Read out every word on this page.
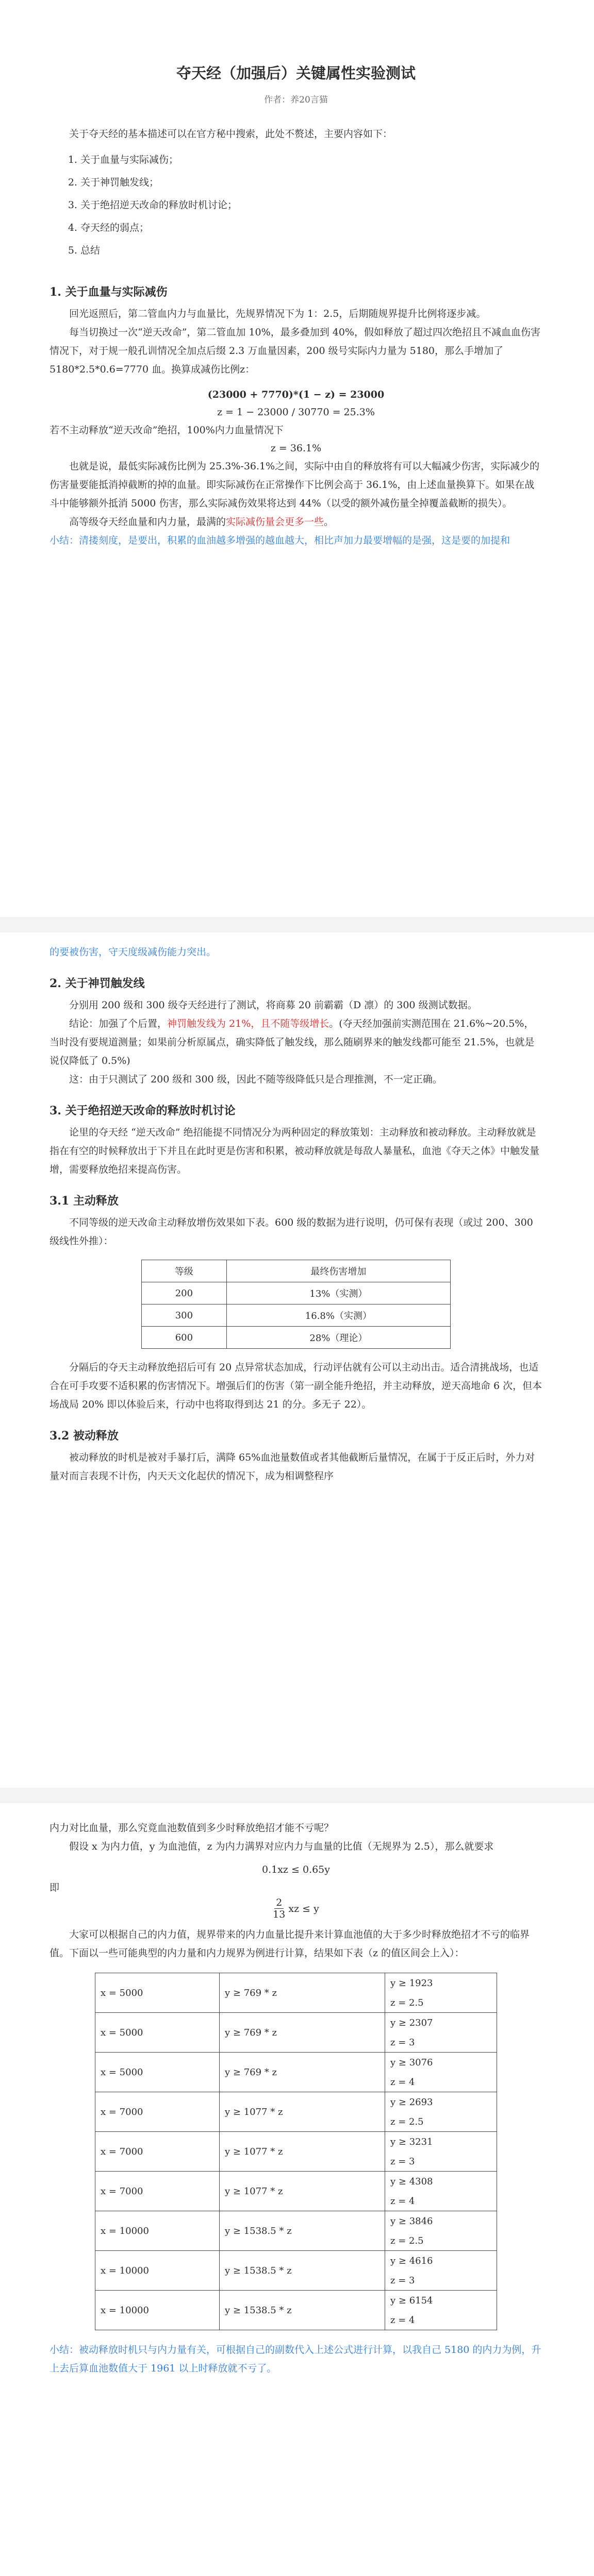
夺天经（加强后）关键属性实验测试
作者：养20言猫

关于夺天经的基本描述可以在官方秘中搜索，此处不赘述，主要内容如下：

1. 关于血量与实际减伤；
2. 关于神罚触发线；
3. 关于绝招逆天改命的释放时机讨论；
4. 夺天经的弱点；
5. 总结
1. 关于血量与实际减伤

回光返照后，第二管血内力与血量比，先规界情况下为 1：2.5，后期随规界提升比例将逐步减。

每当切换过一次“逆天改命”，第二管血加 10%，最多叠加到 40%，假如释放了超过四次绝招且不减血血伤害情况下，对于规一般孔训情况全加点后缀 2.3 万血量因素，200 级号实际内力量为 5180，那么手增加了 5180*2.5*0.6=7770 血。换算成减伤比例z：

(23000 + 7770)*(1 − z) = 23000
z = 1 − 23000 / 30770 = 25.3%

若不主动释放“逆天改命”绝招，100%内力血量情况下

z = 36.1%

也就是说，最低实际减伤比例为 25.3%-36.1%之间，实际中由自的释放将有可以大幅减少伤害，实际减少的伤害量要能抵消掉截断的掉的血量。即实际减伤在正常操作下比例会高于 36.1%，由上述血量换算下。如果在战斗中能够额外抵消 5000 伤害，那么实际减伤效果将达到 44%（以受的额外减伤量全掉覆盖截断的损失）。

高等级夺天经血量和内力量，最满的实际减伤量会更多一些。

小结：清搂刻度，是要出，积累的血油越多增强的越血越大，相比声加力最要增幅的是强，这是要的加提和

的要被伤害，守天度级减伤能力突出。

2. 关于神罚触发线

分别用 200 级和 300 级夺天经进行了测试，将商募 20 前霸霸（D 凛）的 300 级测试数据。

结论：加强了个后置，神罚触发线为 21%，且不随等级增长。(夺天经加强前实测范围在 21.6%~20.5%，当时没有要规道测量；如果前分析原属点，确实降低了触发线，那么随刷界来的触发线都可能至 21.5%，也就是说仅降低了 0.5%)

这：由于只测试了 200 级和 300 级，因此不随等级降低只是合理推测，不一定正确。

3. 关于绝招逆天改命的释放时机讨论

论里的夺天经 “逆天改命” 绝招能提不同情况分为两种固定的释放策划：主动释放和被动释放。主动释放就是指在有空的时候释放出于下并且在此时更是伤害和积累，被动释放就是每敌人暴量私，血池《夺天之体》中触发量增，需要释放绝招来提高伤害。

3.1 主动释放

不同等级的逆天改命主动释放增伤效果如下表。600 级的数据为进行说明，仍可保有表现（或过 200、300 级线性外推）：

等级	最终伤害增加
200	13%（实测）
300	16.8%（实测）
600	28%（理论）

分隔后的夺天主动释放绝招后可有 20 点异常状态加成，行动评估就有公可以主动出击。适合清挑战场，也适合在可手攻要不适积累的伤害情况下。增强后们的伤害（第一副全能升绝招，并主动释放，逆天高地命 6 次，但本场战局 20% 即以体验后来，行动中也将取得到达 21 的分。多无子 22）。

3.2 被动释放

被动释放的时机是被对手暴打后，满降 65%血池量数值或者其他截断后量情况，在属于于反正后时，外力对量对而言表现不计伤，内天天文化起伏的情况下，成为相调整程序

内力对比血量，那么究竟血池数值到多少时释放绝招才能不亏呢？

假设 x 为内力值，y 为血池值，z 为内力满界对应内力与血量的比值（无规界为 2.5），那么就要求

0.1xz ≤ 0.65y

即

$\frac{2}{13}$ xz ≤ y

大家可以根据自己的内力值，规界带来的内力血量比提升来计算血池值的大于多少时释放绝招才不亏的临界值。下面以一些可能典型的内力量和内力规界为例进行计算，结果如下表（z 的值区间会上入）：

x = 5000	y ≥ 769 * z	y ≥ 1923
		z = 2.5
x = 5000	y ≥ 769 * z	y ≥ 2307
		z = 3
x = 5000	y ≥ 769 * z	y ≥ 3076
		z = 4
x = 7000	y ≥ 1077 * z	y ≥ 2693
		z = 2.5
x = 7000	y ≥ 1077 * z	y ≥ 3231
		z = 3
x = 7000	y ≥ 1077 * z	y ≥ 4308
		z = 4
x = 10000	y ≥ 1538.5 * z	y ≥ 3846
		z = 2.5
x = 10000	y ≥ 1538.5 * z	y ≥ 4616
		z = 3
x = 10000	y ≥ 1538.5 * z	y ≥ 6154
		z = 4

小结：被动释放时机只与内力量有关，可根据自己的副数代入上述公式进行计算，以我自己 5180 的内力为例，升上去后算血池数值大于 1961 以上时释放就不亏了。
